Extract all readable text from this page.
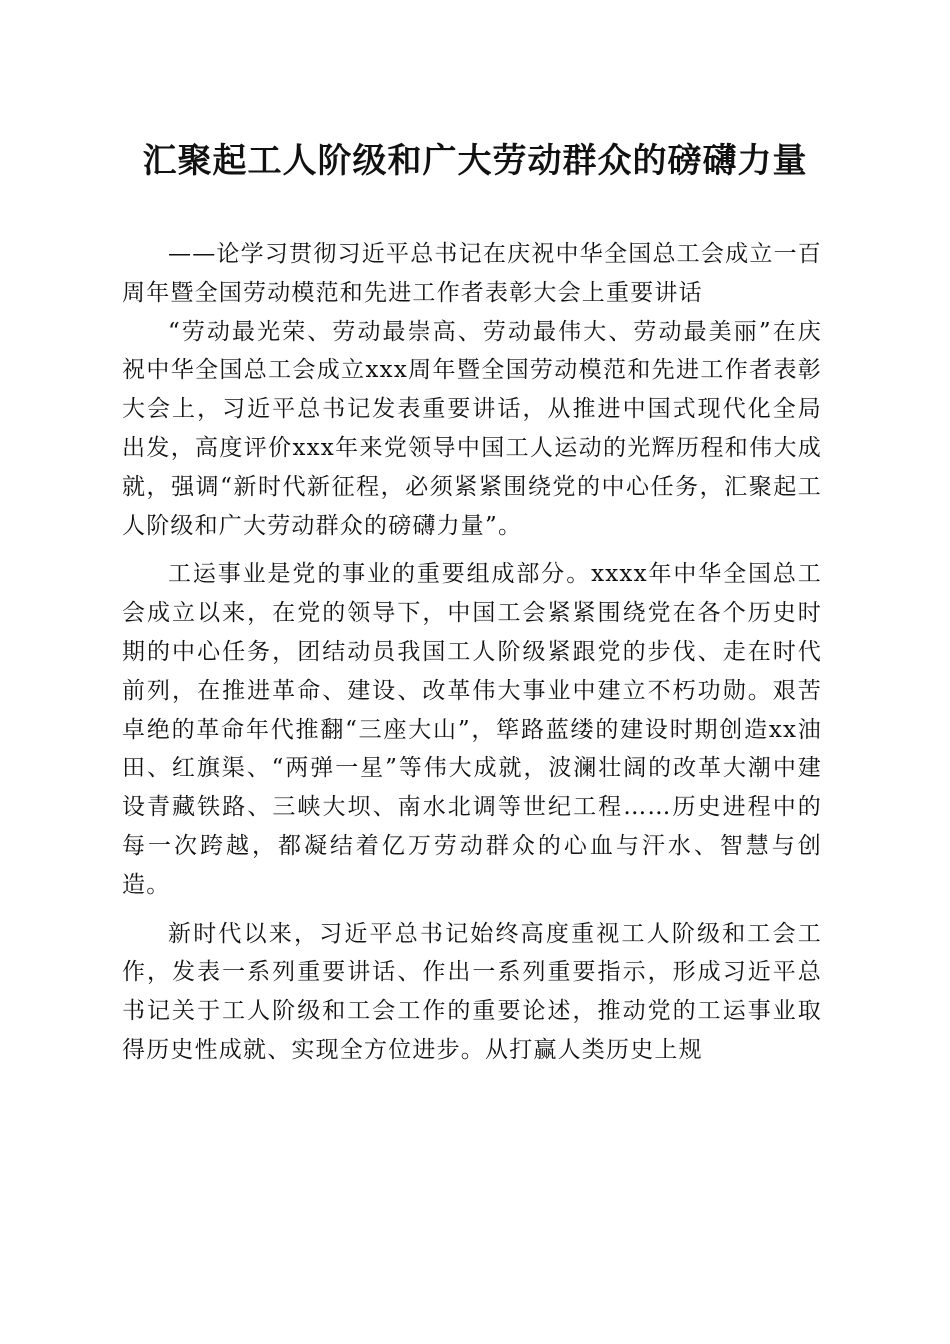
汇聚起工人阶级和广大劳动群众的磅礴力量

——论学习贯彻习近平总书记在庆祝中华全国总工会成立一百周年暨全国劳动模范和先进工作者表彰大会上重要讲话

“劳动最光荣、劳动最崇高、劳动最伟大、劳动最美丽”在庆祝中华全国总工会成立xxx周年暨全国劳动模范和先进工作者表彰大会上，习近平总书记发表重要讲话，从推进中国式现代化全局出发，高度评价xxx年来党领导中国工人运动的光辉历程和伟大成就，强调“新时代新征程，必须紧紧围绕党的中心任务，汇聚起工人阶级和广大劳动群众的磅礴力量”。

工运事业是党的事业的重要组成部分。xxxx年中华全国总工会成立以来，在党的领导下，中国工会紧紧围绕党在各个历史时期的中心任务，团结动员我国工人阶级紧跟党的步伐、走在时代前列，在推进革命、建设、改革伟大事业中建立不朽功勋。艰苦卓绝的革命年代推翻“三座大山”，筚路蓝缕的建设时期创造xx油田、红旗渠、“两弹一星”等伟大成就，波澜壮阔的改革大潮中建设青藏铁路、三峡大坝、南水北调等世纪工程……历史进程中的每一次跨越，都凝结着亿万劳动群众的心血与汗水、智慧与创造。

新时代以来，习近平总书记始终高度重视工人阶级和工会工作，发表一系列重要讲话、作出一系列重要指示，形成习近平总书记关于工人阶级和工会工作的重要论述，推动党的工运事业取得历史性成就、实现全方位进步。从打赢人类历史上规
